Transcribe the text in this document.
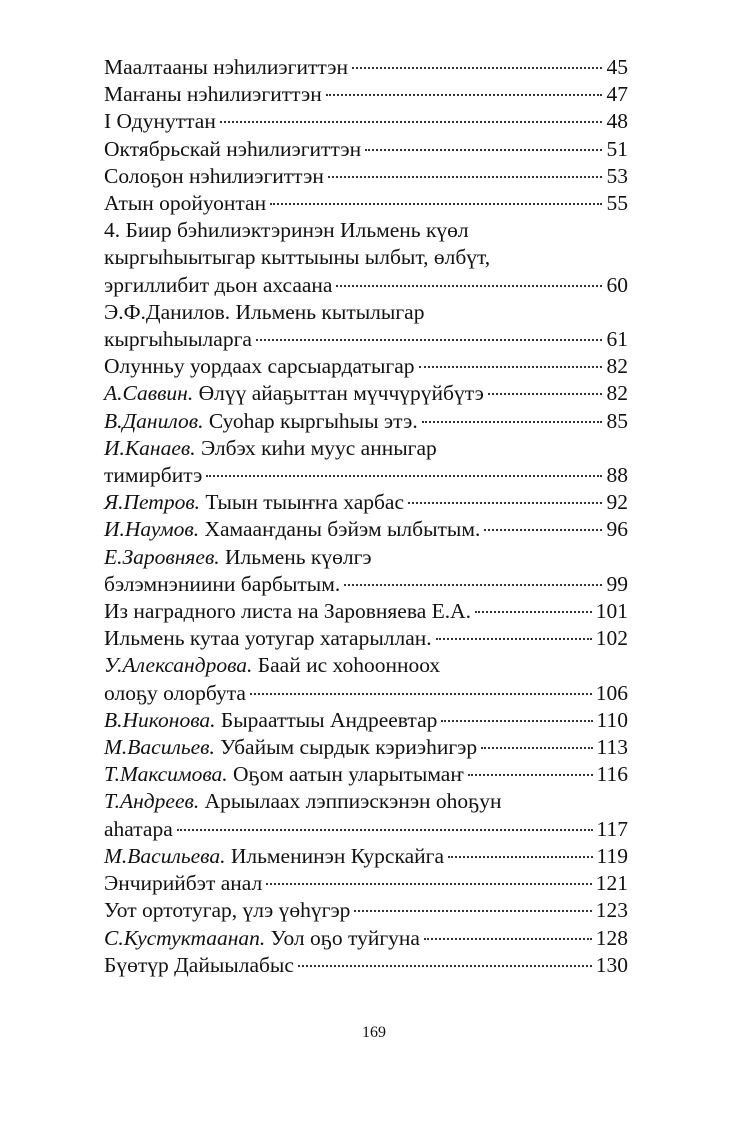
Маалтааны нэһилиэгиттэн	45
Маҥаны нэһилиэгиттэн	47
I Одунуттан	48
Октябрьскай нэһилиэгиттэн	51
Солоҕон нэһилиэгиттэн	53
Атын оройуонтан	55
4. Биир бэһилиэктэринэн Ильмень күөл
кыргыһыытыгар кыттыыны ылбыт, өлбүт,
эргиллибит дьон ахсаана	60
Э.Ф.Данилов. Ильмень кытылыгар
кыргыһыыларга	61
Олунньу уордаах сарсыардатыгар	82
А.Саввин. Өлүү айаҕыттан мүччүрүйбүтэ	82
В.Данилов. Суоһар кыргыһыы этэ.	85
И.Канаев. Элбэх киһи муус анныгар
тимирбитэ	88
Я.Петров. Тыын тыыҥҥа харбас	92
И.Наумов. Хамааҥданы бэйэм ылбытым.	96
Е.Заровняев. Ильмень күөлгэ
бэлэмнэниини барбытым.	99
Из наградного листа на Заровняева Е.А.	101
Ильмень кутаа уотугар хатарыллан.	102
У.Александрова. Баай ис хоһоонноох
олоҕу олорбута	106
В.Никонова. Бырааттыы Андреевтар	110
М.Васильев. Убайым сырдык кэриэһигэр	113
Т.Максимова. Оҕом аатын уларытымаҥ	116
Т.Андреев. Арыылаах лэппиэскэнэн оһоҕун
аһатара	117
М.Васильева. Ильменинэн Курскайга	119
Энчирийбэт анал	121
Уот ортотугар, үлэ үөһүгэр	123
С.Кустуктаанап. Уол оҕо туйгуна	128
Бүөтүр Дайыылабыс	130
169
